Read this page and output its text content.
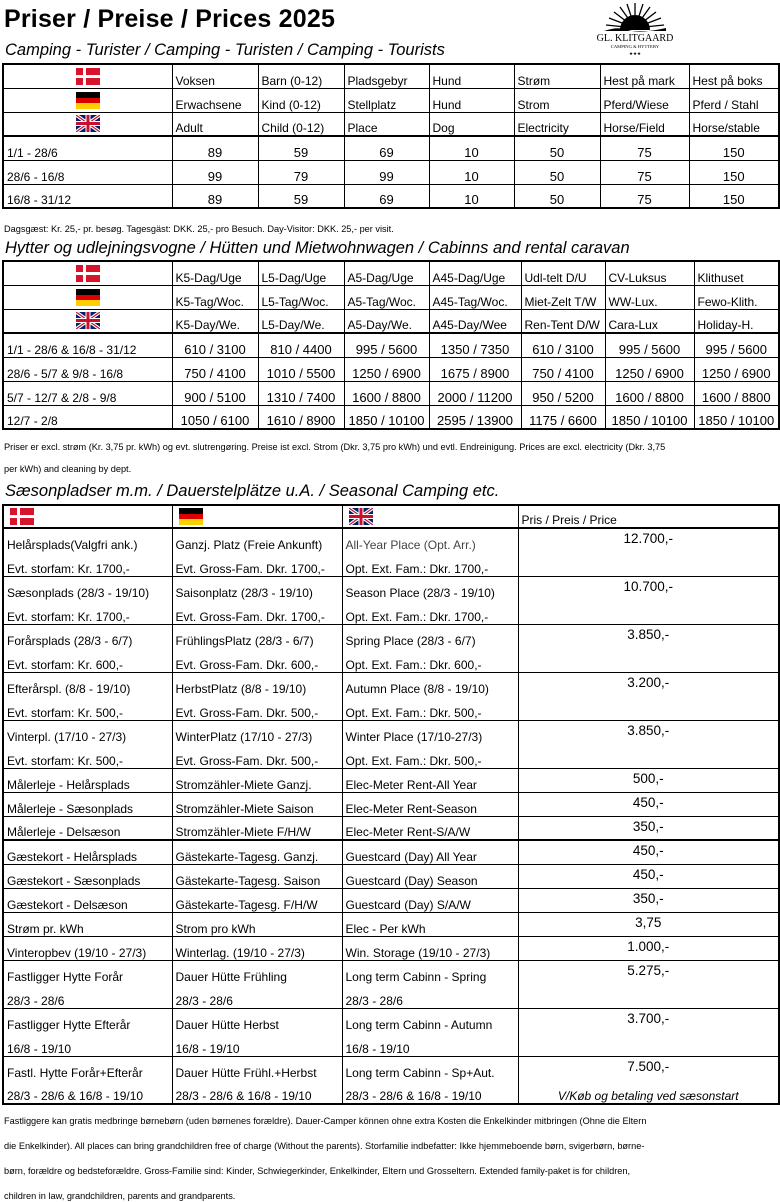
Priser / Preise / Prices 2025
GL. KLITGAARD
CAMPING & HYTTEBY
★★★
Camping - Turister / Camping - Turisten / Camping - Tourists
	Voksen	Barn (0-12)	Pladsgebyr	Hund	Strøm	Hest på mark	Hest på boks
	Erwachsene	Kind (0-12)	Stellplatz	Hund	Strom	Pferd/Wiese	Pferd / Stahl
	Adult	Child (0-12)	Place	Dog	Electricity	Horse/Field	Horse/stable
1/1 - 28/6	89	59	69	10	50	75	150
28/6 - 16/8	99	79	99	10	50	75	150
16/8 - 31/12	89	59	69	10	50	75	150

Dagsgæst: Kr. 25,- pr. besøg. Tagesgäst: DKK. 25,- pro Besuch. Day-Visitor: DKK. 25,- per visit.

Hytter og udlejningsvogne / Hütten und Mietwohnwagen / Cabinns and rental caravan
	K5-Dag/Uge	L5-Dag/Uge	A5-Dag/Uge	A45-Dag/Uge	Udl-telt D/U	CV-Luksus	Klithuset
	K5-Tag/Woc.	L5-Tag/Woc.	A5-Tag/Woc.	A45-Tag/Woc.	Miet-Zelt T/W	WW-Lux.	Fewo-Klith.
	K5-Day/We.	L5-Day/We.	A5-Day/We.	A45-Day/Wee	Ren-Tent D/W	Cara-Lux	Holiday-H.
1/1 - 28/6 & 16/8 - 31/12	610 / 3100	810 / 4400	995 / 5600	1350 / 7350	610 / 3100	995 / 5600	995 / 5600
28/6 - 5/7 & 9/8 - 16/8	750 / 4100	1010 / 5500	1250 / 6900	1675 / 8900	750 / 4100	1250 / 6900	1250 / 6900
5/7 - 12/7 & 2/8 - 9/8	900 / 5100	1310 / 7400	1600 / 8800	2000 / 11200	950 / 5200	1600 / 8800	1600 / 8800
12/7 - 2/8	1050 / 6100	1610 / 8900	1850 / 10100	2595 / 13900	1175 / 6600	1850 / 10100	1850 / 10100

Priser er excl. strøm (Kr. 3,75 pr. kWh) og evt. slutrengøring. Preise ist excl. Strom (Dkr. 3,75 pro kWh) und evtl. Endreinigung. Prices are excl. electricity (Dkr. 3,75

per kWh) and cleaning by dept.

Sæsonpladser m.m. / Dauerstelplätze u.A. / Seasonal Camping etc.
			Pris / Preis / Price
Helårsplads(Valgfri ank.)	Ganzj. Platz (Freie Ankunft)	All-Year Place (Opt. Arr.)	12.700,-
Evt. storfam: Kr. 1700,-	Evt. Gross-Fam. Dkr. 1700,-	Opt. Ext. Fam.: Dkr. 1700,-	
Sæsonplads (28/3 - 19/10)	Saisonplatz (28/3 - 19/10)	Season Place (28/3 - 19/10)	10.700,-
Evt. storfam: Kr. 1700,-	Evt. Gross-Fam. Dkr. 1700,-	Opt. Ext. Fam.: Dkr. 1700,-	
Forårsplads (28/3 - 6/7)	FrühlingsPlatz (28/3 - 6/7)	Spring Place (28/3 - 6/7)	3.850,-
Evt. storfam: Kr. 600,-	Evt. Gross-Fam. Dkr. 600,-	Opt. Ext. Fam.: Dkr. 600,-	
Efterårspl. (8/8 - 19/10)	HerbstPlatz (8/8 - 19/10)	Autumn Place (8/8 - 19/10)	3.200,-
Evt. storfam: Kr. 500,-	Evt. Gross-Fam. Dkr. 500,-	Opt. Ext. Fam.: Dkr. 500,-	
Vinterpl. (17/10 - 27/3)	WinterPlatz (17/10 - 27/3)	Winter Place (17/10-27/3)	3.850,-
Evt. storfam: Kr. 500,-	Evt. Gross-Fam. Dkr. 500,-	Opt. Ext. Fam.: Dkr. 500,-	
Målerleje - Helårsplads	Stromzähler-Miete Ganzj.	Elec-Meter Rent-All Year	500,-
Målerleje - Sæsonplads	Stromzähler-Miete Saison	Elec-Meter Rent-Season	450,-
Målerleje - Delsæson	Stromzähler-Miete F/H/W	Elec-Meter Rent-S/A/W	350,-
Gæstekort - Helårsplads	Gästekarte-Tagesg. Ganzj.	Guestcard (Day) All Year	450,-
Gæstekort - Sæsonplads	Gästekarte-Tagesg. Saison	Guestcard (Day) Season	450,-
Gæstekort - Delsæson	Gästekarte-Tagesg. F/H/W	Guestcard (Day) S/A/W	350,-
Strøm pr. kWh	Strom pro kWh	Elec - Per kWh	3,75
Vinteropbev (19/10 - 27/3)	Winterlag. (19/10 - 27/3)	Win. Storage (19/10 - 27/3)	1.000,-
Fastligger Hytte Forår	Dauer Hütte Frühling	Long term Cabinn - Spring	5.275,-
28/3 - 28/6	28/3 - 28/6	28/3 - 28/6	
Fastligger Hytte Efterår	Dauer Hütte Herbst	Long term Cabinn - Autumn	3.700,-
16/8 - 19/10	16/8 - 19/10	16/8 - 19/10	
Fastl. Hytte Forår+Efterår	Dauer Hütte Frühl.+Herbst	Long term Cabinn - Sp+Aut.	7.500,-
28/3 - 28/6 & 16/8 - 19/10	28/3 - 28/6 & 16/8 - 19/10	28/3 - 28/6 & 16/8 - 19/10	V/Køb og betaling ved sæsonstart

Fastliggere kan gratis medbringe børnebørn (uden børnenes forældre). Dauer-Camper können ohne extra Kosten die Enkelkinder mitbringen (Ohne die Eltern

die Enkelkinder). All places can bring grandchildren free of charge (Without the parents). Storfamilie indbefatter: Ikke hjemmeboende børn, svigerbørn, børne-

børn, forældre og bedsteforældre. Gross-Familie sind: Kinder, Schwiegerkinder, Enkelkinder, Eltern und Grosseltern. Extended family-paket is for children,

children in law, grandchildren, parents and grandparents.
